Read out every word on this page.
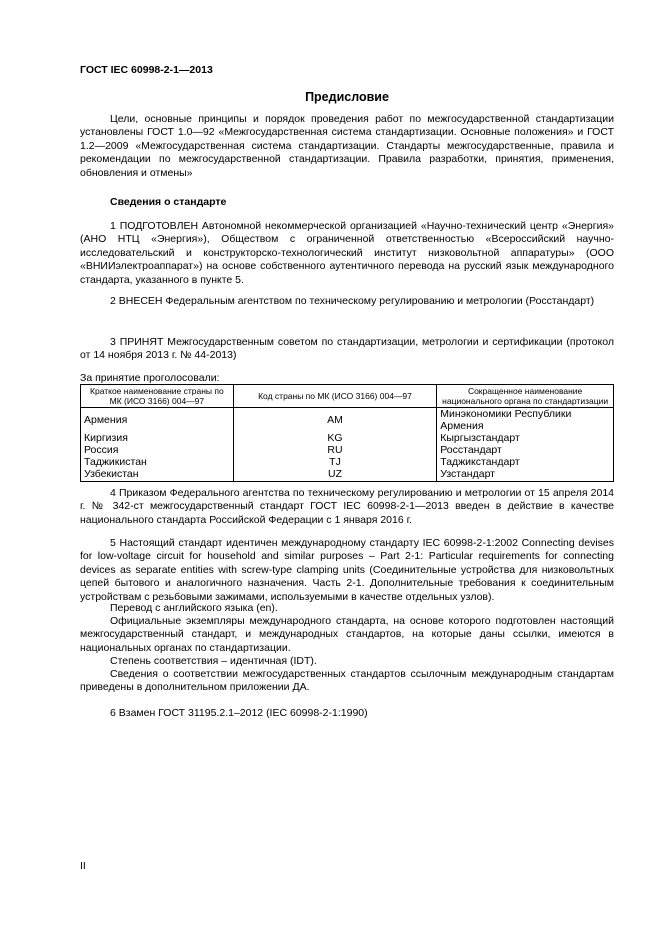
ГОСТ IEC 60998-2-1—2013
Предисловие

Цели, основные принципы и порядок проведения работ по межгосударственной стандартизации установлены ГОСТ 1.0—92 «Межгосударственная система стандартизации. Основные положения» и ГОСТ 1.2—2009 «Межгосударственная система стандартизации. Стандарты межгосударственные, правила и рекомендации по межгосударственной стандартизации. Правила разработки, принятия, применения, обновления и отмены»

Сведения о стандарте

1 ПОДГОТОВЛЕН Автономной некоммерческой организацией «Научно-технический центр «Энергия» (АНО НТЦ «Энергия»), Обществом с ограниченной ответственностью «Всероссийский научно-исследовательский и конструкторско-технологический институт низковольтной аппаратуры» (ООО «ВНИИэлектроаппарат») на основе собственного аутентичного перевода на русский язык международного стандарта, указанного в пункте 5.

2 ВНЕСЕН Федеральным агентством по техническому регулированию и метрологии (Росстандарт)

3 ПРИНЯТ Межгосударственным советом по стандартизации, метрологии и сертификации (протокол от 14 ноября 2013 г. № 44-2013)

За принятие проголосовали:
Краткое наименование страны по МК (ИСО 3166) 004—97	Код страны по МК (ИСО 3166) 004—97	Сокращенное наименование национального органа по стандартизации
Армения	AM	Минэкономики Республики Армения
Киргизия	KG	Кыргызстандарт
Россия	RU	Росстандарт
Таджикистан	TJ	Таджикстандарт
Узбекистан	UZ	Узстандарт

4 Приказом Федерального агентства по техническому регулированию и метрологии от 15 апреля 2014 г. № 342-ст межгосударственный стандарт ГОСТ IEC 60998-2-1—2013 введен в действие в качестве национального стандарта Российской Федерации с 1 января 2016 г.

5 Настоящий стандарт идентичен международному стандарту IEC 60998-2-1:2002 Connecting devises for low-voltage circuit for household and similar purposes – Part 2-1: Particular requirements for connecting devices as separate entities with screw-type clamping units (Соединительные устройства для низковольтных цепей бытового и аналогичного назначения. Часть 2-1. Дополнительные требования к соединительным устройствам с резьбовыми зажимами, используемыми в качестве отдельных узлов).

Перевод с английского языка (en).

Официальные экземпляры международного стандарта, на основе которого подготовлен настоящий межгосударственный стандарт, и международных стандартов, на которые даны ссылки, имеются в национальных органах по стандартизации.

Степень соответствия – идентичная (IDT).

Сведения о соответствии межгосударственных стандартов ссылочным международным стандартам приведены в дополнительном приложении ДА.

6 Взамен ГОСТ 31195.2.1–2012 (IEC 60998-2-1:1990)

II
